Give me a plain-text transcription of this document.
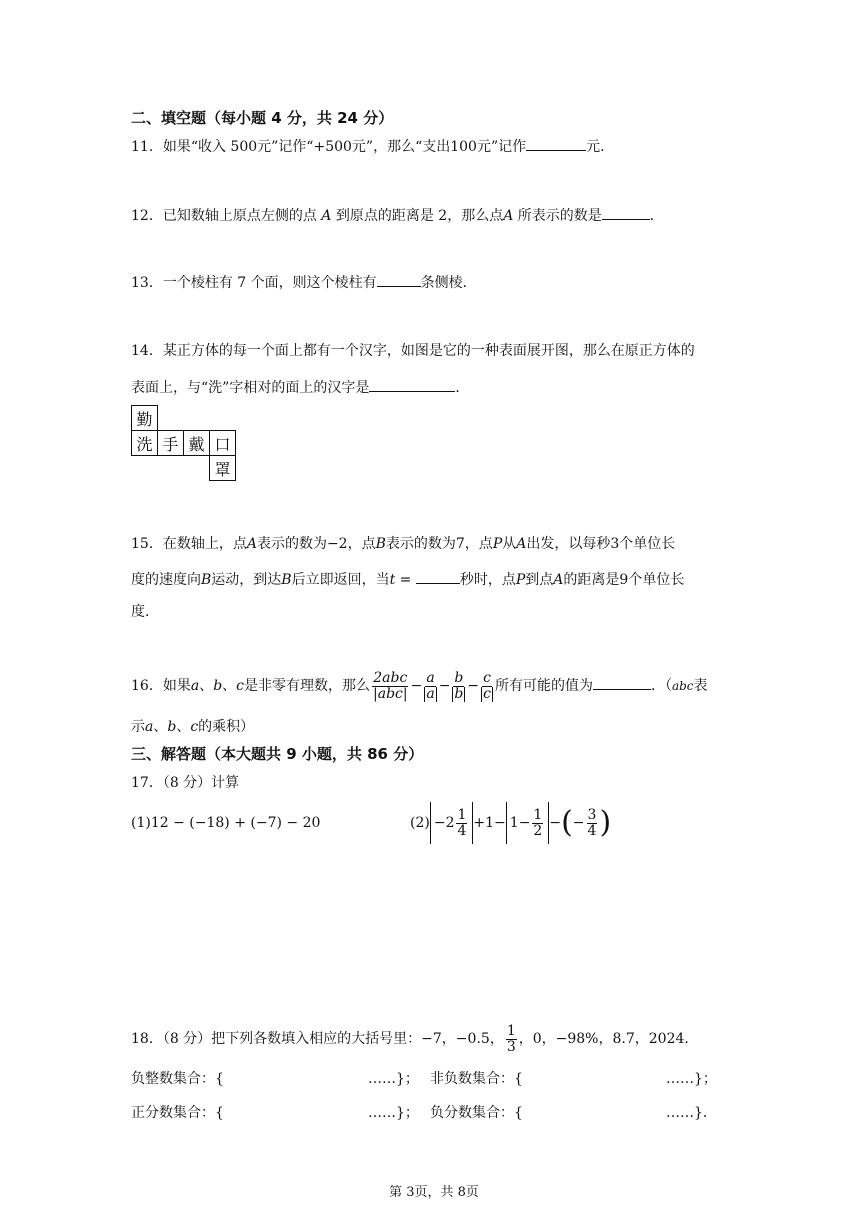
二、填空题（每小题 4 分，共 24 分）
11．如果“收入 500元”记作“+500元”，那么“支出100元”记作	元．
12．已知数轴上原点左侧的点 A 到原点的距离是 2，那么点A 所表示的数是	．
13．一个棱柱有 7 个面，则这个棱柱有	条侧棱．
14．某正方体的每一个面上都有一个汉字，如图是它的一种表面展开图，那么在原正方体的
表面上，与“洗”字相对的面上的汉字是	．
勤			
洗	手	戴	口
			罩
15．在数轴上，点A表示的数为−2，点B表示的数为7，点P从A出发，以每秒3个单位长
度的速度向B运动，到达B后立即返回，当t =	秒时，点P到点A的距离是9个单位长
度．
16．如果a、b、c是非零有理数，那么 $\frac{\text{2abc}}{\text{|abc|}} - \frac{a}{a} - \frac{b}{b} - \frac{c}{c}$ 所有可能的值为	．（abc表
示a、b、c的乘积）
三、解答题（本大题共 9 小题，共 86 分）
17．（8 分）计算
(1)12 − (−18) + (−7) − 20	$(2) -2 \frac{1}{4} +1- 1- \frac{1}{2}$ −(− $\frac{3}{4}$ )
18．（8 分）把下列各数填入相应的大括号里：−7，−0.5， $\frac{1}{3}$ ，0，−98%，8.7，2024．
负整数集合：{	……}； 非负数集合：{	……}；
正分数集合：{	……}； 负分数集合：{	……}．
第 3页，共 8页
